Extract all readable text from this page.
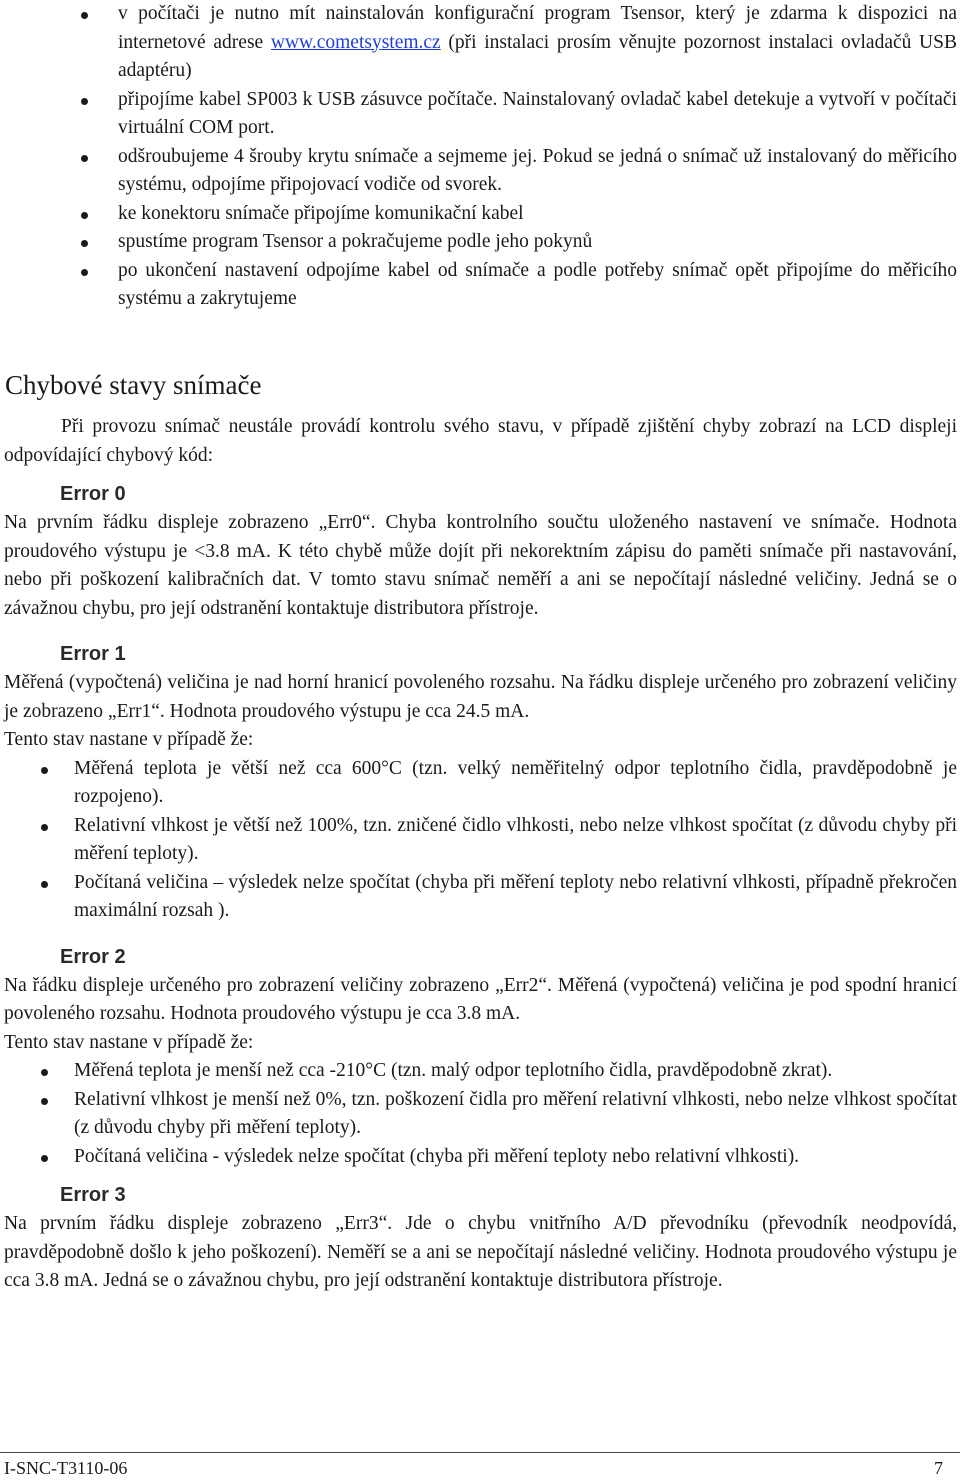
v počítači je nutno mít nainstalován konfigurační program Tsensor, který je zdarma k dispozici na internetové adrese www.cometsystem.cz (při instalaci prosím věnujte pozornost instalaci ovladačů USB adaptéru)
připojíme kabel SP003 k USB zásuvce počítače. Nainstalovaný ovladač kabel detekuje a vytvoří v počítači virtuální COM port.
odšroubujeme 4 šrouby krytu snímače a sejmeme jej. Pokud se jedná o snímač už instalovaný do měřicího systému, odpojíme připojovací vodiče od svorek.
ke konektoru snímače připojíme komunikační kabel
spustíme program Tsensor a pokračujeme podle jeho pokynů
po ukončení nastavení odpojíme kabel od snímače a podle potřeby snímač opět připojíme do měřicího systému a zakrytujeme
Chybové stavy snímače

Při provozu snímač neustále provádí kontrolu svého stavu, v případě zjištění chyby zobrazí na LCD displeji odpovídající chybový kód:

Error 0

Na prvním řádku displeje zobrazeno „Err0“. Chyba kontrolního součtu uloženého nastavení ve snímače. Hodnota proudového výstupu je <3.8 mA. K této chybě může dojít při nekorektním zápisu do paměti snímače při nastavování, nebo při poškození kalibračních dat. V tomto stavu snímač neměří a ani se nepočítají následné veličiny. Jedná se o závažnou chybu, pro její odstranění kontaktuje distributora přístroje.

Error 1

Měřená (vypočtená) veličina je nad horní hranicí povoleného rozsahu. Na řádku displeje určeného pro zobrazení veličiny je zobrazeno „Err1“. Hodnota proudového výstupu je cca 24.5 mA.

Tento stav nastane v případě že:

Měřená teplota je větší než cca 600°C (tzn. velký neměřitelný odpor teplotního čidla, pravděpodobně je rozpojeno).
Relativní vlhkost je větší než 100%, tzn. zničené čidlo vlhkosti, nebo nelze vlhkost spočítat (z důvodu chyby při měření teploty).
Počítaná veličina – výsledek nelze spočítat (chyba při měření teploty nebo relativní vlhkosti, případně překročen maximální rozsah ).
Error 2

Na řádku displeje určeného pro zobrazení veličiny zobrazeno „Err2“. Měřená (vypočtená) veličina je pod spodní hranicí povoleného rozsahu. Hodnota proudového výstupu je cca 3.8 mA.

Tento stav nastane v případě že:

Měřená teplota je menší než cca -210°C (tzn. malý odpor teplotního čidla, pravděpodobně zkrat).
Relativní vlhkost je menší než 0%, tzn. poškození čidla pro měření relativní vlhkosti, nebo nelze vlhkost spočítat (z důvodu chyby při měření teploty).
Počítaná veličina - výsledek nelze spočítat (chyba při měření teploty nebo relativní vlhkosti).
Error 3

Na prvním řádku displeje zobrazeno „Err3“. Jde o chybu vnitřního A/D převodníku (převodník neodpovídá, pravděpodobně došlo k jeho poškození). Neměří se a ani se nepočítají následné veličiny. Hodnota proudového výstupu je cca 3.8 mA. Jedná se o závažnou chybu, pro její odstranění kontaktuje distributora přístroje.

I-SNC-T3110-06	7
